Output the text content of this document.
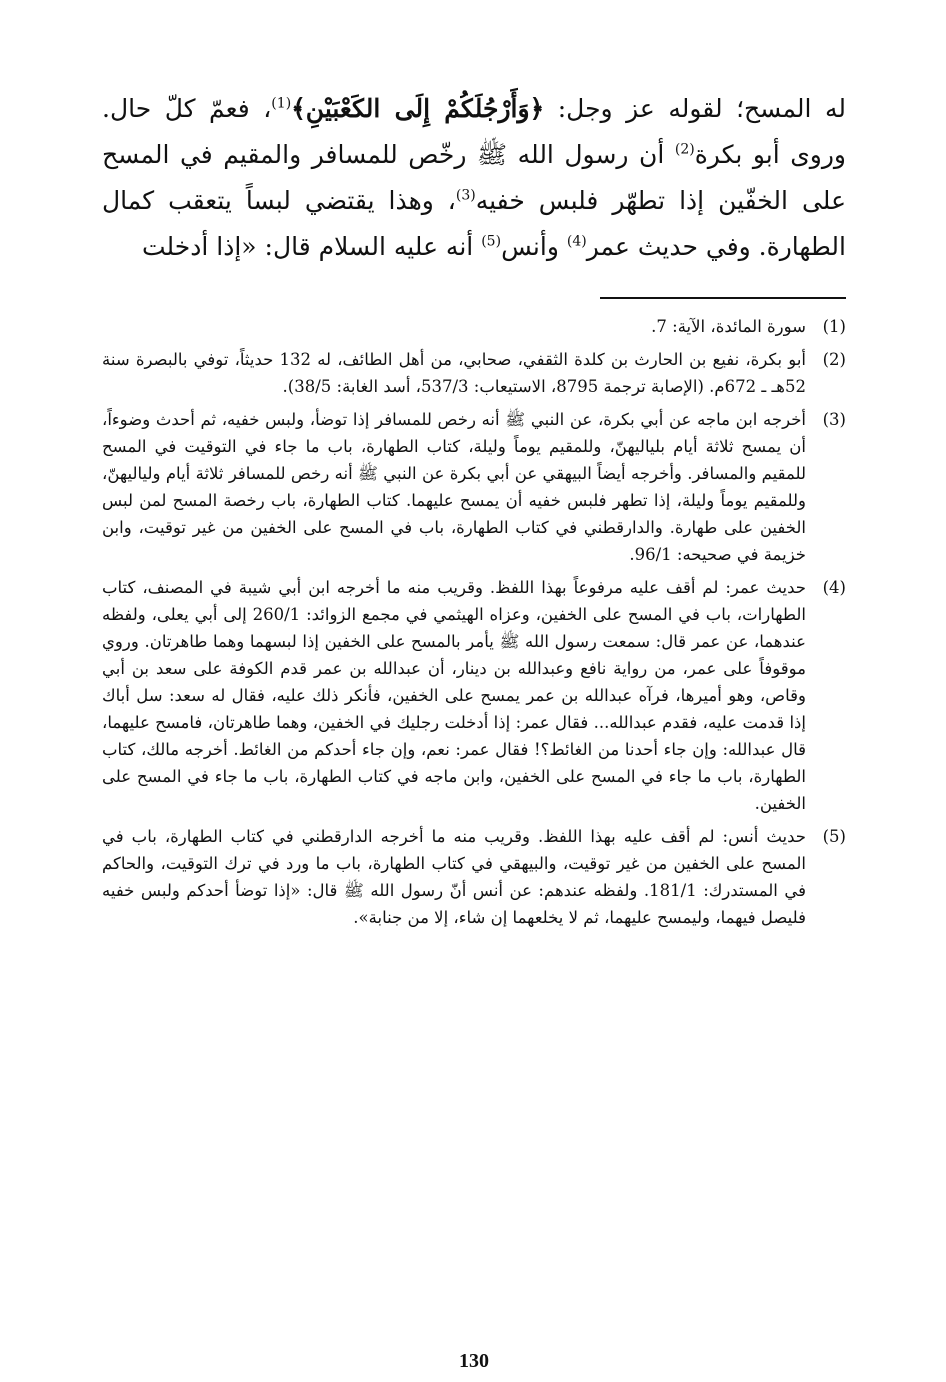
له المسح؛ لقوله عز وجل: ﴿وَأَرْجُلَكُمْ إِلَى الكَعْبَيْنِ﴾$^{(1)}$، فعمّ كلّ حال. وروى أبو بكرة$^{(2)}$ أن رسول الله ﷺ رخّص للمسافر والمقيم في المسح على الخفّين إذا تطهّر فلبس خفيه$^{(3)}$، وهذا يقتضي لبساً يتعقب كمال الطهارة. وفي حديث عمر$^{(4)}$ وأنس$^{(5)}$ أنه عليه السلام قال: «إذا أدخلت

(1)
سورة المائدة، الآية: 7.
(2)
أبو بكرة، نفيع بن الحارث بن كلدة الثقفي، صحابي، من أهل الطائف، له 132 حديثاً، توفي بالبصرة سنة 52هـ ـ 672م. (الإصابة ترجمة 8795، الاستيعاب: 537/3، أسد الغابة: 38/5).
(3)
أخرجه ابن ماجه عن أبي بكرة، عن النبي ﷺ أنه رخص للمسافر إذا توضأ، ولبس خفيه، ثم أحدث وضوءاً، أن يمسح ثلاثة أيام بلياليهنّ، وللمقيم يوماً وليلة، كتاب الطهارة، باب ما جاء في التوقيت في المسح للمقيم والمسافر. وأخرجه أيضاً البيهقي عن أبي بكرة عن النبي ﷺ أنه رخص للمسافر ثلاثة أيام ولياليهنّ، وللمقيم يوماً وليلة، إذا تطهر فلبس خفيه أن يمسح عليهما. كتاب الطهارة، باب رخصة المسح لمن لبس الخفين على طهارة. والدارقطني في كتاب الطهارة، باب في المسح على الخفين من غير توقيت، وابن خزيمة في صحيحه: 96/1.
(4)
حديث عمر: لم أقف عليه مرفوعاً بهذا اللفظ. وقريب منه ما أخرجه ابن أبي شيبة في المصنف، كتاب الطهارات، باب في المسح على الخفين، وعزاه الهيثمي في مجمع الزوائد: 260/1 إلى أبي يعلى، ولفظه عندهما، عن عمر قال: سمعت رسول الله ﷺ يأمر بالمسح على الخفين إذا لبسهما وهما طاهرتان. وروي موقوفاً على عمر، من رواية نافع وعبدالله بن دينار، أن عبدالله بن عمر قدم الكوفة على سعد بن أبي وقاص، وهو أميرها، فرآه عبدالله بن عمر يمسح على الخفين، فأنكر ذلك عليه، فقال له سعد: سل أباك إذا قدمت عليه، فقدم عبدالله... فقال عمر: إذا أدخلت رجليك في الخفين، وهما طاهرتان، فامسح عليهما، قال عبدالله: وإن جاء أحدنا من الغائط؟! فقال عمر: نعم، وإن جاء أحدكم من الغائط. أخرجه مالك، كتاب الطهارة، باب ما جاء في المسح على الخفين، وابن ماجه في كتاب الطهارة، باب ما جاء في المسح على الخفين.
(5)
حديث أنس: لم أقف عليه بهذا اللفظ. وقريب منه ما أخرجه الدارقطني في كتاب الطهارة، باب في المسح على الخفين من غير توقيت، والبيهقي في كتاب الطهارة، باب ما ورد في ترك التوقيت، والحاكم في المستدرك: 181/1. ولفظه عندهم: عن أنس أنّ رسول الله ﷺ قال: «إذا توضأ أحدكم ولبس خفيه فليصل فيهما، وليمسح عليهما، ثم لا يخلعهما إن شاء، إلا من جنابة».
130
